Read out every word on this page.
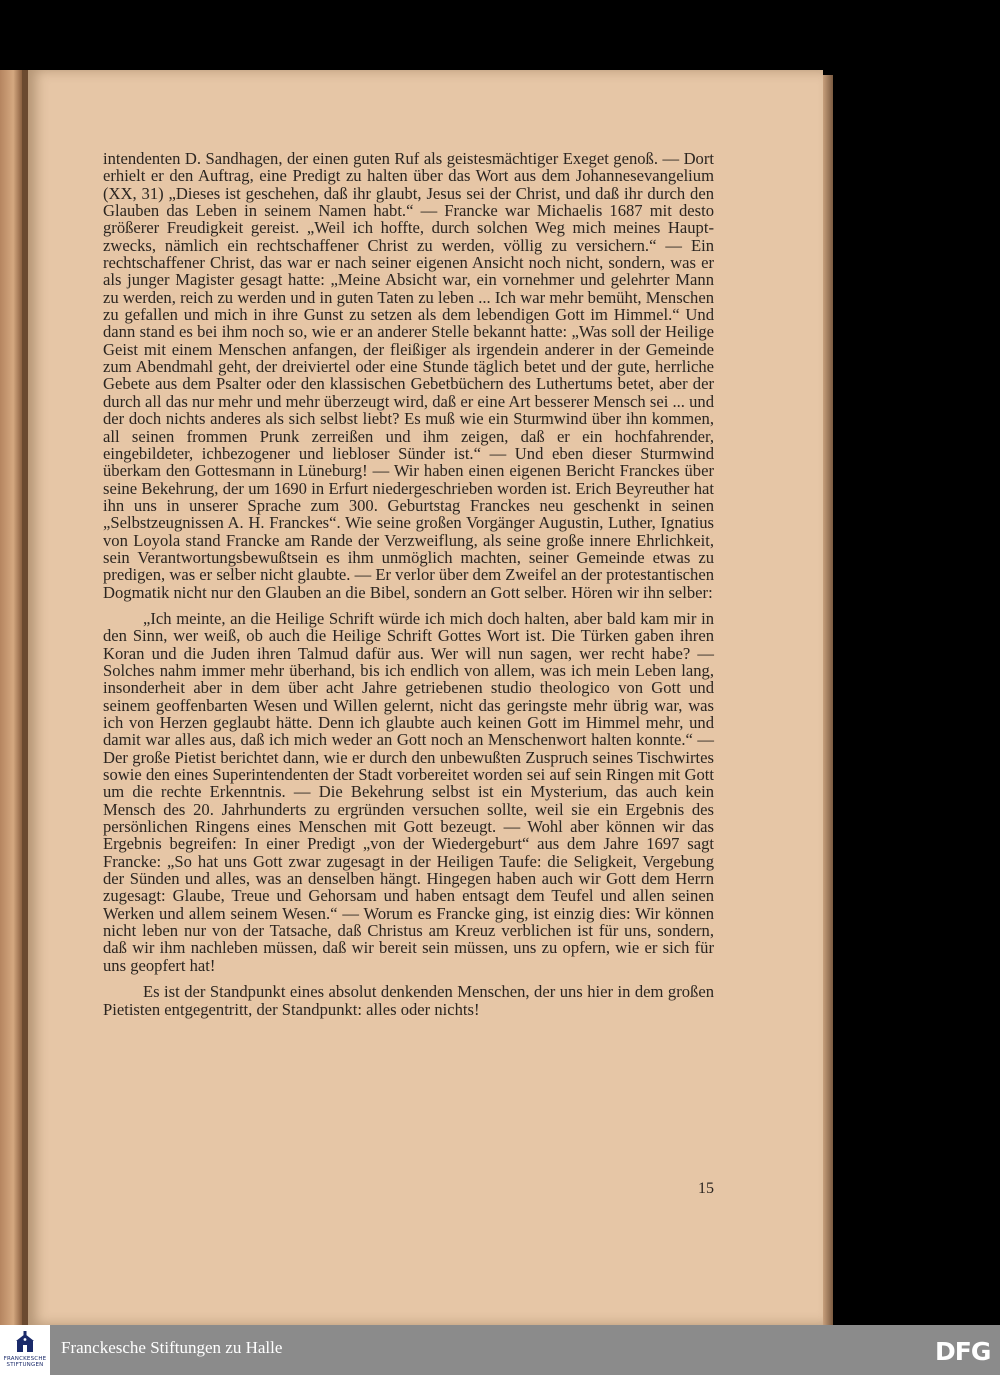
intendenten D. Sandhagen, der einen guten Ruf als geistesmächtiger Exeget genoß. — Dort erhielt er den Auftrag, eine Predigt zu halten über das Wort aus dem Johannesevangelium (XX, 31) „Dieses ist geschehen, daß ihr glaubt, Jesus sei der Christ, und daß ihr durch den Glauben das Leben in seinem Namen habt.“ — Francke war Michaelis 1687 mit desto größerer Freudigkeit gereist. „Weil ich hoffte, durch solchen Weg mich meines Hauptzwecks, nämlich ein rechtschaffener Christ zu werden, völlig zu versichern.“ — Ein rechtschaffener Christ, das war er nach seiner eigenen Ansicht noch nicht, sondern, was er als junger Magister gesagt hatte: „Meine Absicht war, ein vornehmer und gelehrter Mann zu werden, reich zu werden und in guten Taten zu leben ... Ich war mehr bemüht, Menschen zu gefallen und mich in ihre Gunst zu setzen als dem lebendigen Gott im Himmel.“ Und dann stand es bei ihm noch so, wie er an anderer Stelle bekannt hatte: „Was soll der Heilige Geist mit einem Menschen anfangen, der fleißiger als irgendein anderer in der Gemeinde zum Abendmahl geht, der dreiviertel oder eine Stunde täglich betet und der gute, herrliche Gebete aus dem Psalter oder den klassischen Gebetbüchern des Luthertums betet, aber der durch all das nur mehr und mehr überzeugt wird, daß er eine Art besserer Mensch sei ... und der doch nichts anderes als sich selbst liebt? Es muß wie ein Sturmwind über ihn kommen, all seinen frommen Prunk zerreißen und ihm zeigen, daß er ein hochfahrender, eingebildeter, ichbezogener und liebloser Sünder ist.“ — Und eben dieser Sturmwind überkam den Gottesmann in Lüneburg! — Wir haben einen eigenen Bericht Franckes über seine Bekehrung, der um 1690 in Erfurt niedergeschrieben worden ist. Erich Beyreuther hat ihn uns in unserer Sprache zum 300. Geburtstag Franckes neu geschenkt in seinen „Selbstzeugnissen A. H. Franckes“. Wie seine großen Vorgänger Augustin, Luther, Ignatius von Loyola stand Francke am Rande der Verzweiflung, als seine große innere Ehrlichkeit, sein Verantwortungsbewußtsein es ihm unmöglich machten, seiner Gemeinde etwas zu predigen, was er selber nicht glaubte. — Er verlor über dem Zweifel an der protestantischen Dogmatik nicht nur den Glauben an die Bibel, sondern an Gott selber. Hören wir ihn selber:

„Ich meinte, an die Heilige Schrift würde ich mich doch halten, aber bald kam mir in den Sinn, wer weiß, ob auch die Heilige Schrift Gottes Wort ist. Die Türken gaben ihren Koran und die Juden ihren Talmud dafür aus. Wer will nun sagen, wer recht habe? — Solches nahm immer mehr überhand, bis ich endlich von allem, was ich mein Leben lang, insonderheit aber in dem über acht Jahre getriebenen studio theologico von Gott und seinem geoffenbarten Wesen und Willen gelernt, nicht das geringste mehr übrig war, was ich von Herzen geglaubt hätte. Denn ich glaubte auch keinen Gott im Himmel mehr, und damit war alles aus, daß ich mich weder an Gott noch an Menschenwort halten konnte.“ — Der große Pietist berichtet dann, wie er durch den unbewußten Zuspruch seines Tischwirtes sowie den eines Superintendenten der Stadt vorbereitet worden sei auf sein Ringen mit Gott um die rechte Erkenntnis. — Die Bekehrung selbst ist ein Mysterium, das auch kein Mensch des 20. Jahrhunderts zu ergründen versuchen sollte, weil sie ein Ergebnis des persönlichen Ringens eines Menschen mit Gott bezeugt. — Wohl aber können wir das Ergebnis begreifen: In einer Predigt „von der Wiedergeburt“ aus dem Jahre 1697 sagt Francke: „So hat uns Gott zwar zugesagt in der Heiligen Taufe: die Seligkeit, Vergebung der Sünden und alles, was an denselben hängt. Hingegen haben auch wir Gott dem Herrn zugesagt: Glaube, Treue und Gehorsam und haben entsagt dem Teufel und allen seinen Werken und allem seinem Wesen.“ — Worum es Francke ging, ist einzig dies: Wir können nicht leben nur von der Tatsache, daß Christus am Kreuz verblichen ist für uns, sondern, daß wir ihm nachleben müssen, daß wir bereit sein müssen, uns zu opfern, wie er sich für uns geopfert hat!

Es ist der Standpunkt eines absolut denkenden Menschen, der uns hier in dem großen Pietisten entgegentritt, der Standpunkt: alles oder nichts!

15
FRANCKESCHE
STIFTUNGEN
Franckesche Stiftungen zu Halle	DFG
